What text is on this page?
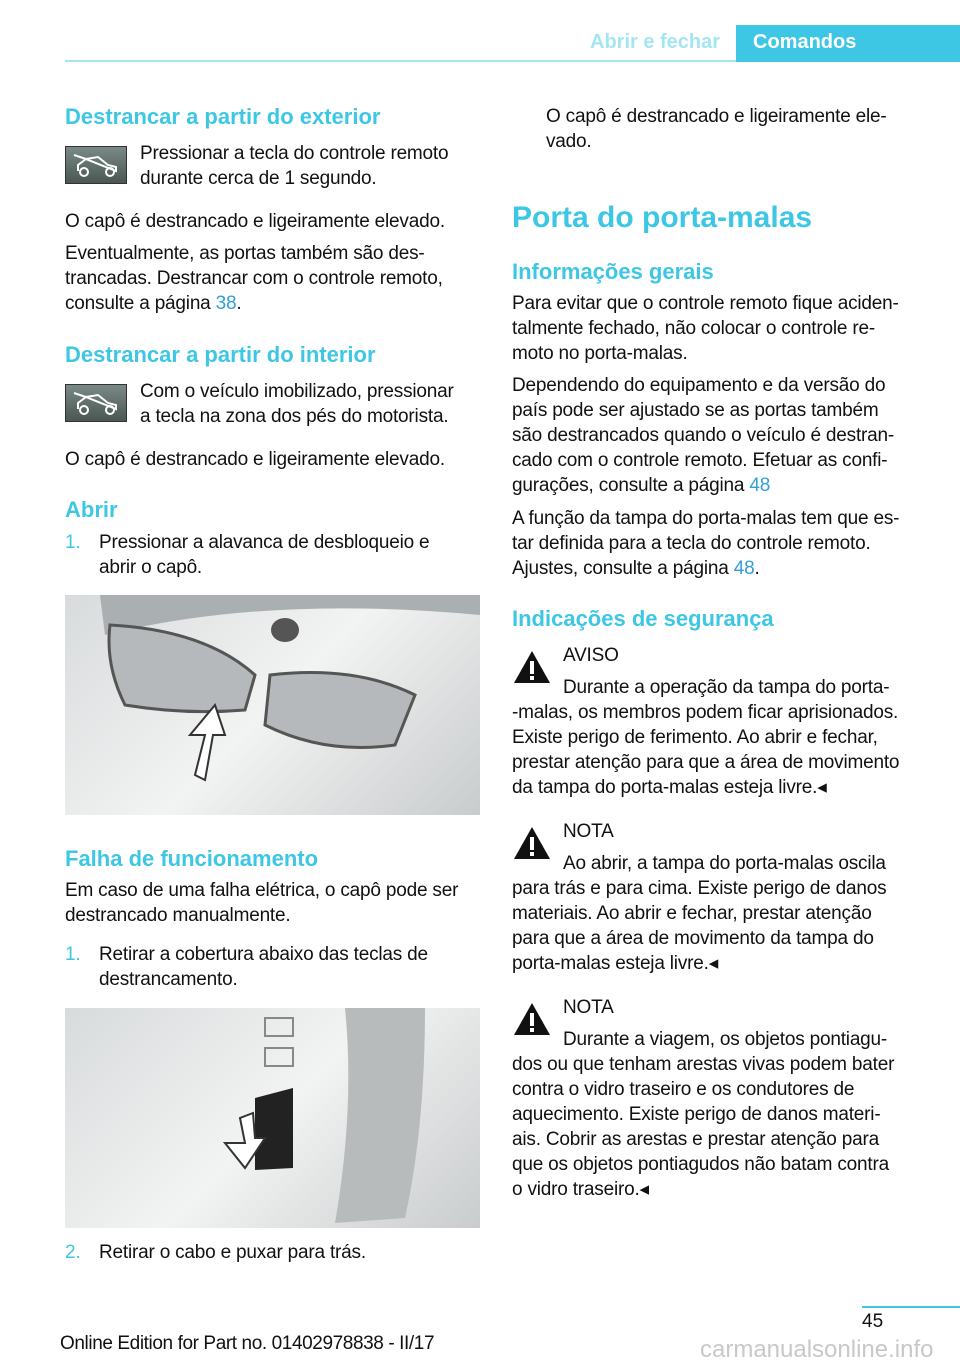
Abrir e fechar Comandos
Destrancar a partir do exterior
Pressionar a tecla do controle remoto
durante cerca de 1 segundo.
O capô é destrancado e ligeiramente elevado.
Eventualmente, as portas também são des-
trancadas. Destrancar com o controle remoto,
consulte a página 38.
Destrancar a partir do interior
Com o veículo imobilizado, pressionar
a tecla na zona dos pés do motorista.
O capô é destrancado e ligeiramente elevado.
Abrir
1. Pressionar a alavanca de desbloqueio e
abrir o capô.
Falha de funcionamento
Em caso de uma falha elétrica, o capô pode ser
destrancado manualmente.
1. Retirar a cobertura abaixo das teclas de
destrancamento.
2. Retirar o cabo e puxar para trás.
O capô é destrancado e ligeiramente ele-
vado.
Porta do porta-malas
Informações gerais
Para evitar que o controle remoto fique aciden-
talmente fechado, não colocar o controle re-
moto no porta-malas.
Dependendo do equipamento e da versão do
país pode ser ajustado se as portas também
são destrancados quando o veículo é destran-
cado com o controle remoto. Efetuar as confi-
gurações, consulte a página 48
A função da tampa do porta-malas tem que es-
tar definida para a tecla do controle remoto.
Ajustes, consulte a página 48.
Indicações de segurança
AVISO
Durante a operação da tampa do porta-
-malas, os membros podem ficar aprisionados.
Existe perigo de ferimento. Ao abrir e fechar,
prestar atenção para que a área de movimento
da tampa do porta-malas esteja livre.◂
NOTA
Ao abrir, a tampa do porta-malas oscila
para trás e para cima. Existe perigo de danos
materiais. Ao abrir e fechar, prestar atenção
para que a área de movimento da tampa do
porta-malas esteja livre.◂
NOTA
Durante a viagem, os objetos pontiagu-
dos ou que tenham arestas vivas podem bater
contra o vidro traseiro e os condutores de
aquecimento. Existe perigo de danos materi-
ais. Cobrir as arestas e prestar atenção para
que os objetos pontiagudos não batam contra
o vidro traseiro.◂
45
Online Edition for Part no. 01402978838 - II/17	carmanualsonline.info
